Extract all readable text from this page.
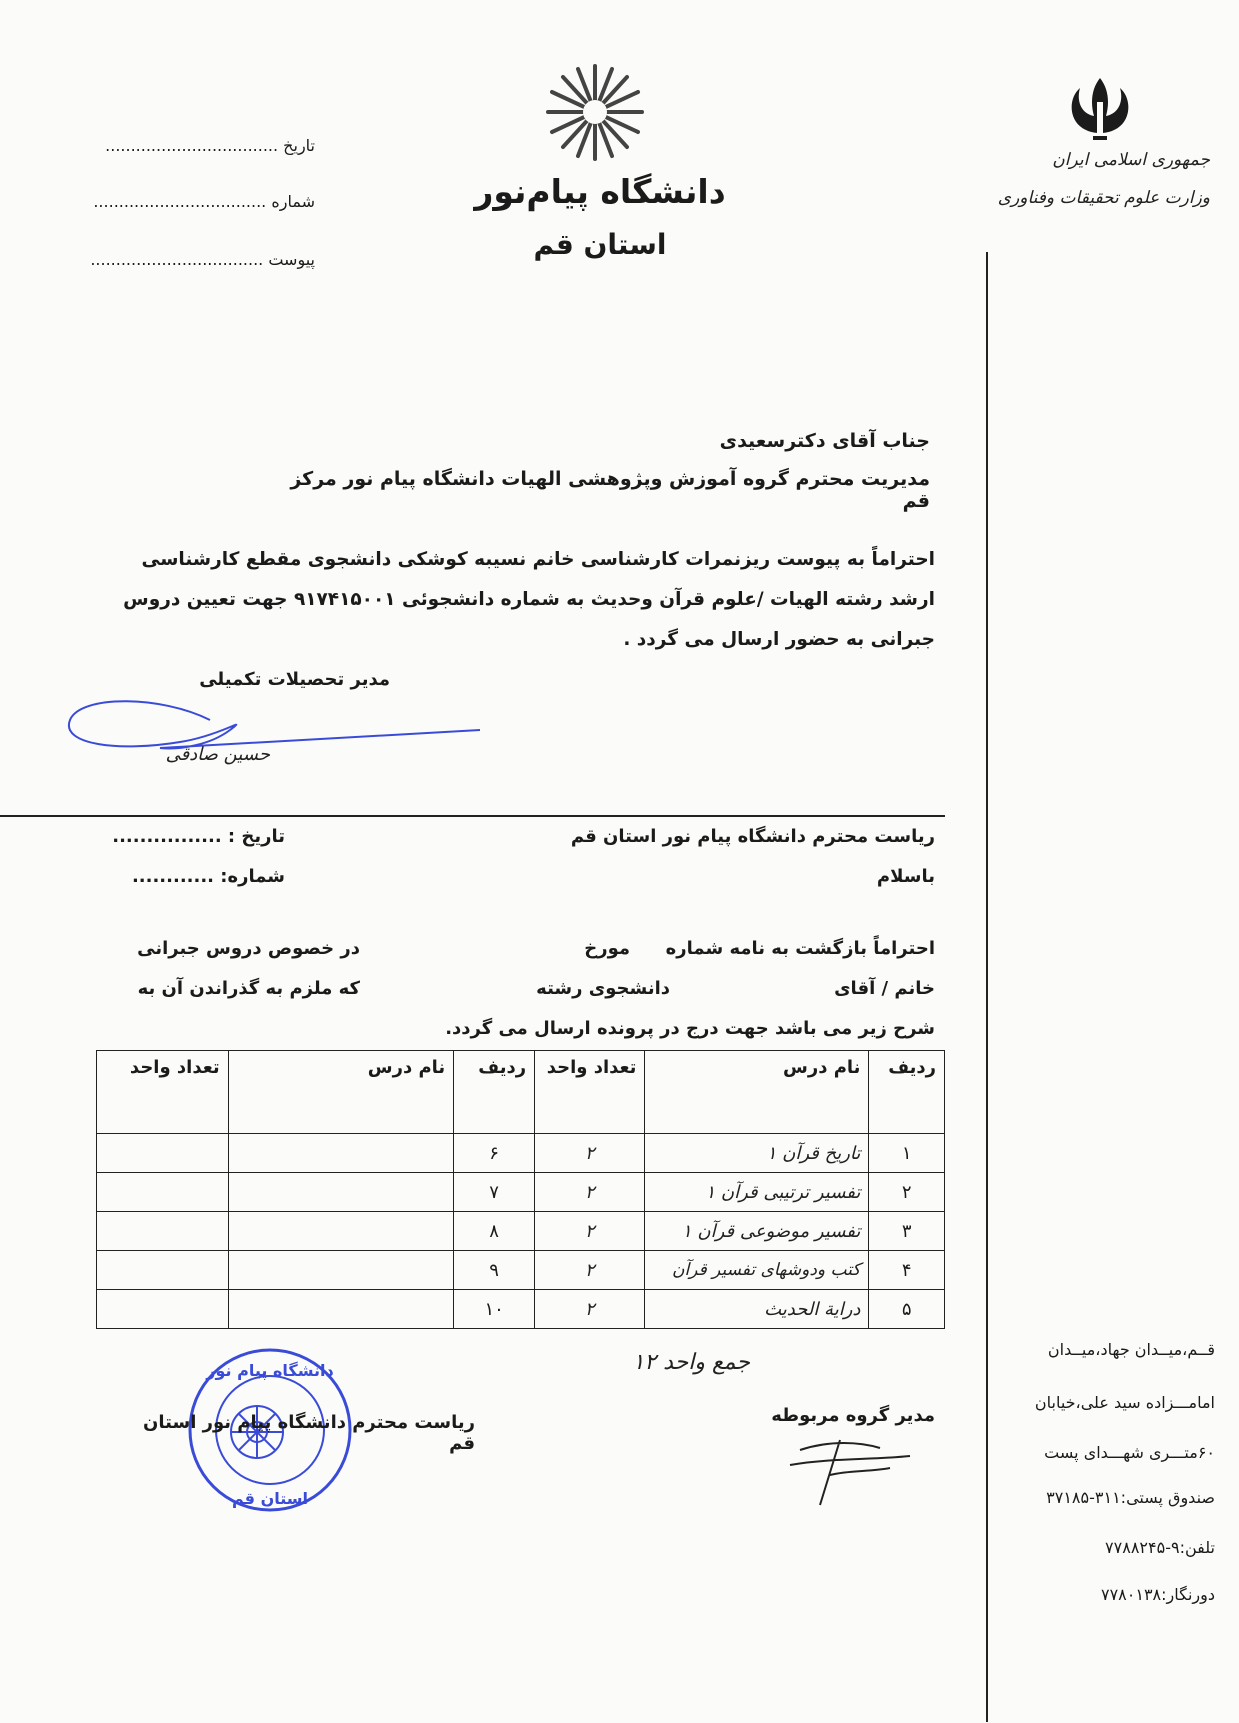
جمهوری اسلامی ایران
وزارت علوم تحقیقات وفناوری
دانشگاه پیام‌نور
استان قم
تاریخ ..................................
شماره ..................................
پیوست ..................................
جناب آقای دکترسعیدی
مدیریت محترم گروه آموزش وپژوهشی الهیات دانشگاه پیام نور مرکز قم
احتراماً به پیوست ریزنمرات کارشناسی خانم نسیبه کوشکی دانشجوی مقطع کارشناسی ارشد رشته الهیات /علوم قرآن وحدیث به شماره دانشجوئی ۹۱۷۴۱۵۰۰۱ جهت تعیین دروس جبرانی به حضور ارسال می گردد .
مدیر تحصیلات تکمیلی
حسین صادقی
ریاست محترم دانشگاه پیام نور استان قم
باسلام
تاریخ : ................
شماره: ............
احتراماً بازگشت به نامه شماره
مورخ
در خصوص دروس جبرانی
خانم / آقای
دانشجوی رشته
که ملزم به گذراندن آن به
شرح زیر می باشد جهت درج در پرونده ارسال می گردد.
ردیف	نام درس	تعداد واحد	ردیف	نام درس	تعداد واحد
۱	تاریخ قرآن ۱	۲	۶		
۲	تفسیر ترتیبی قرآن ۱	۲	۷		
۳	تفسیر موضوعی قرآن ۱	۲	۸		
۴	کتب ودوشهای تفسیر قرآن	۲	۹		
۵	درایة الحدیث	۲	۱۰		
جمع واحد ۱۲
مدیر گروه مربوطه
دانشگاه پیام نور
استان قم
ریاست محترم دانشگاه پیام نور استان قم
قــم،میــدان جهاد،میــدان
امامـــزاده سید علی،خیابان
۶۰متـــری شهـــدای پست
صندوق پستی:۳۱۱-۳۷۱۸۵
تلفن:۹-۷۷۸۸۲۴۵
دورنگار:۷۷۸۰۱۳۸
